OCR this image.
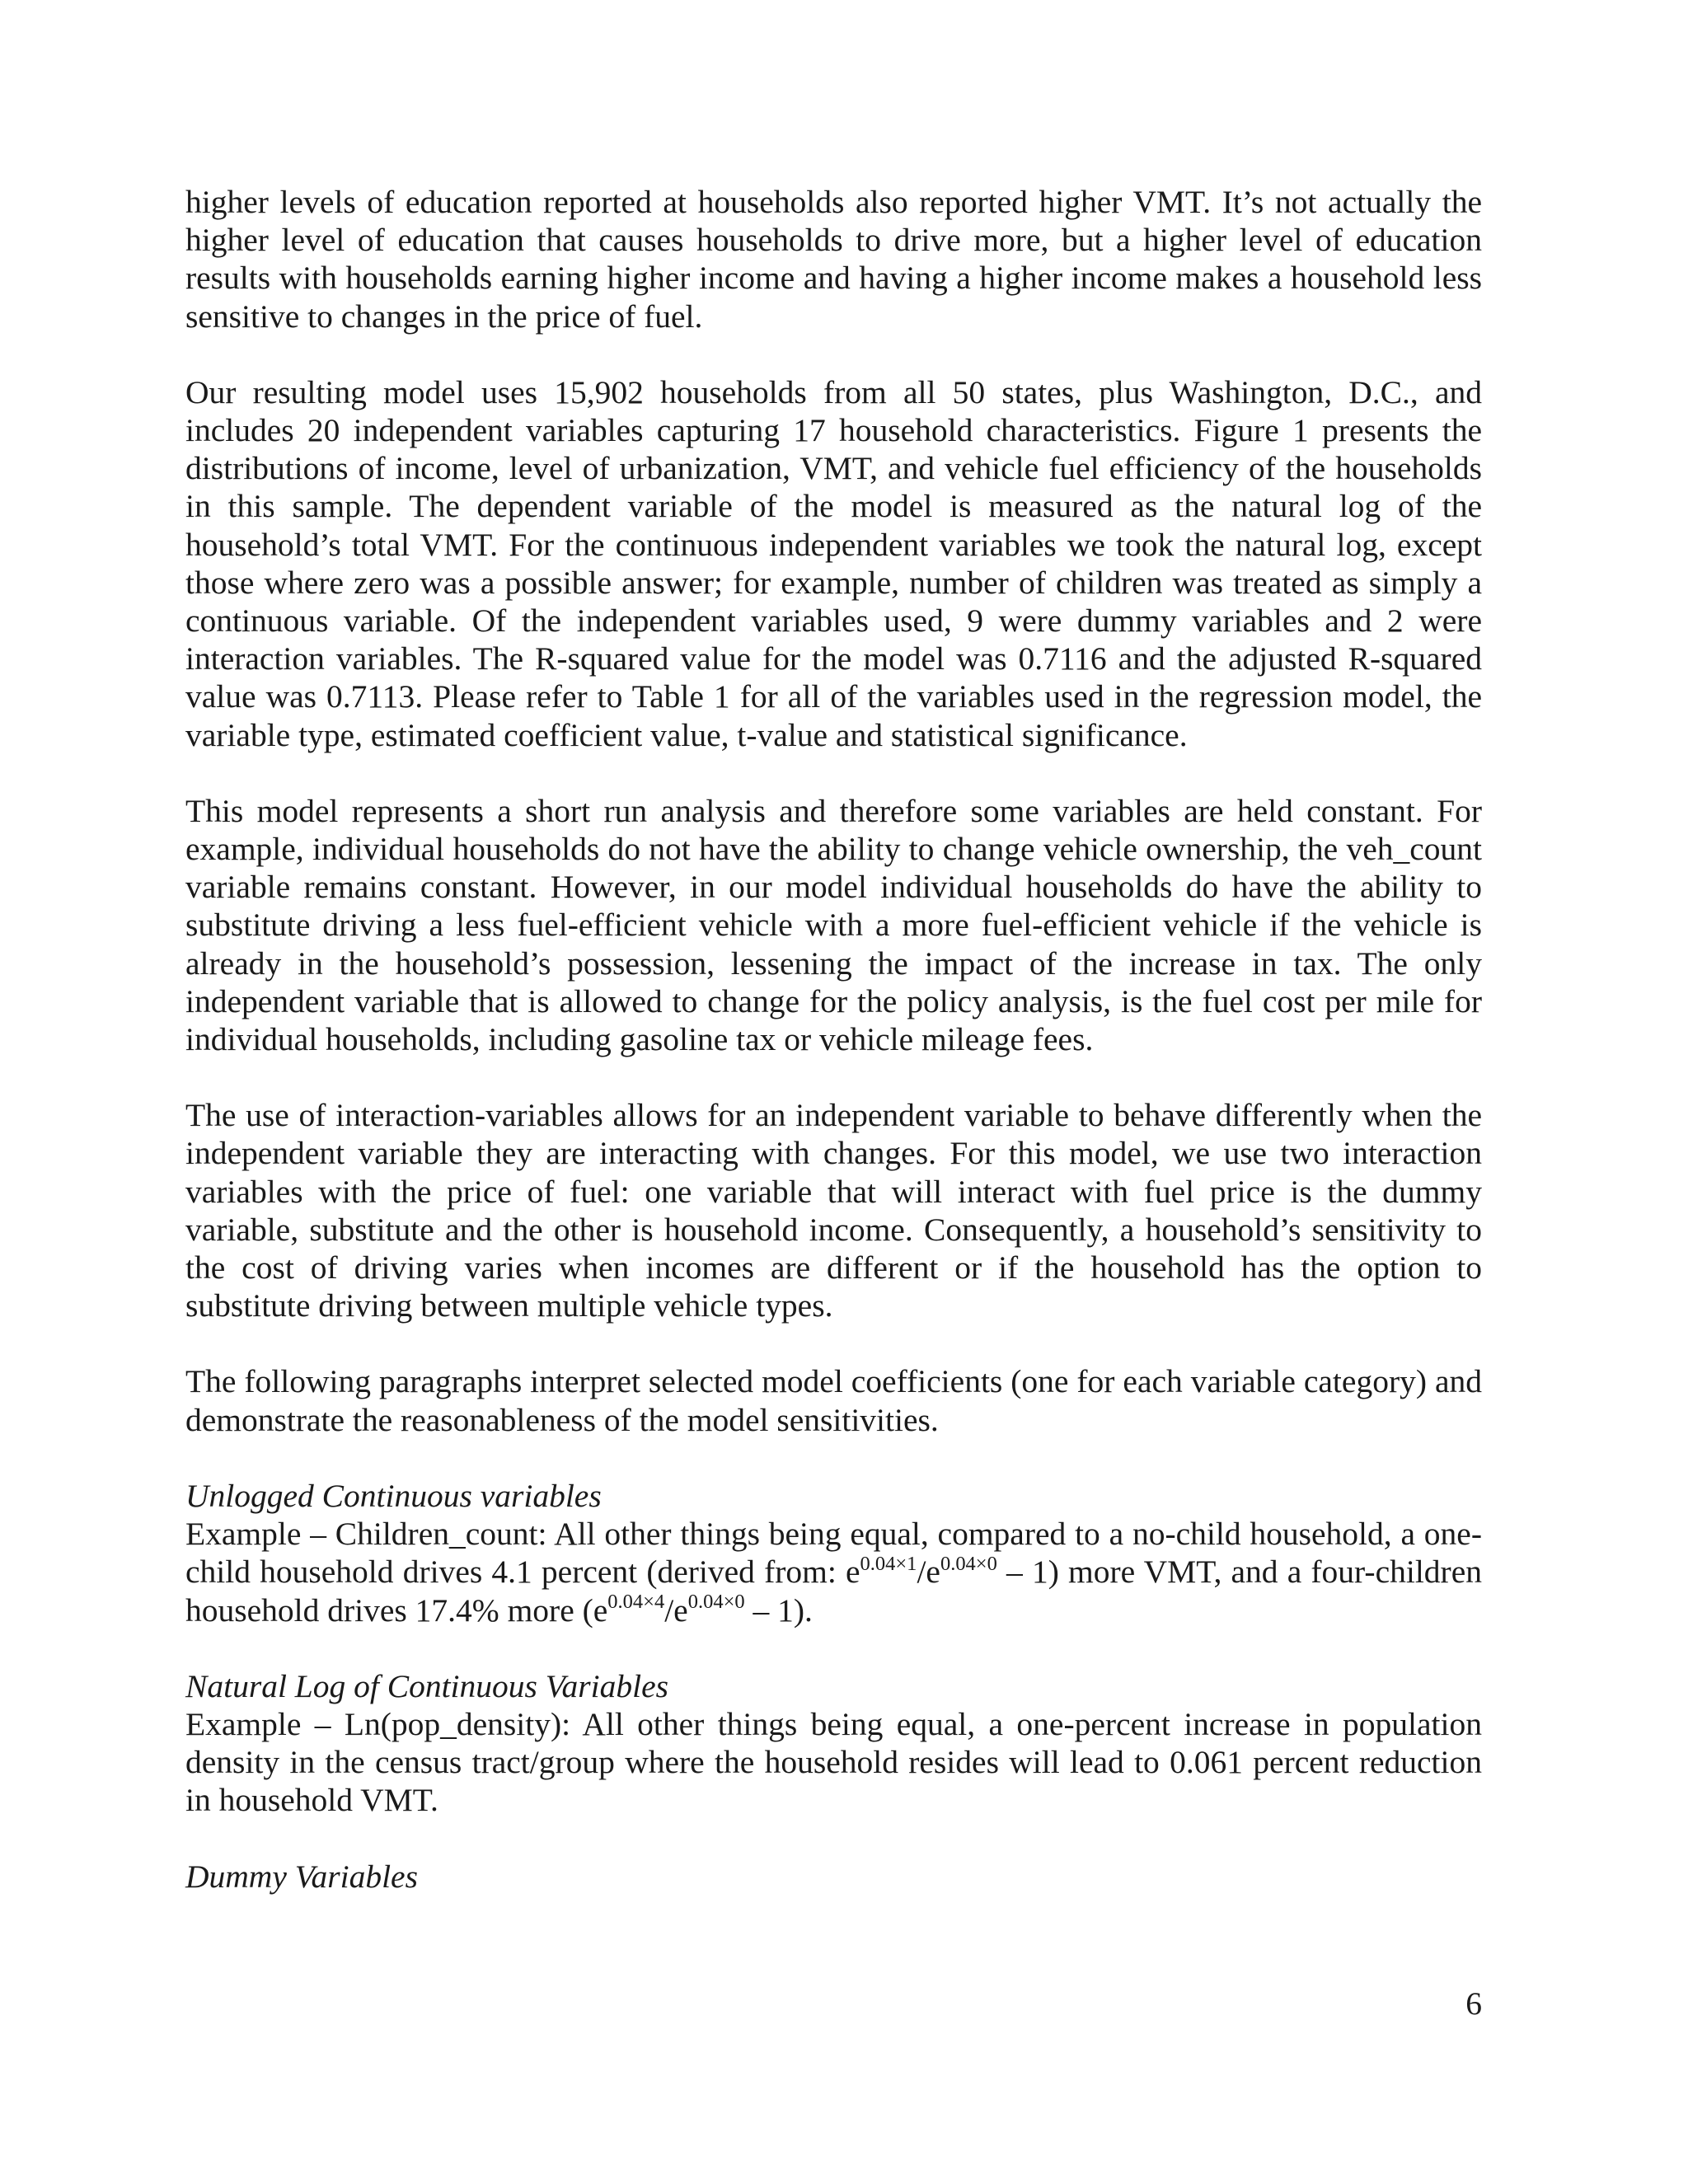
higher levels of education reported at households also reported higher VMT. It’s not actually the higher level of education that causes households to drive more, but a higher level of education results with households earning higher income and having a higher income makes a household less sensitive to changes in the price of fuel.

Our resulting model uses 15,902 households from all 50 states, plus Washington, D.C., and includes 20 independent variables capturing 17 household characteristics. Figure 1 presents the distributions of income, level of urbanization, VMT, and vehicle fuel efficiency of the households in this sample. The dependent variable of the model is measured as the natural log of the household’s total VMT. For the continuous independent variables we took the natural log, except those where zero was a possible answer; for example, number of children was treated as simply a continuous variable. Of the independent variables used, 9 were dummy variables and 2 were interaction variables. The R-squared value for the model was 0.7116 and the adjusted R-squared value was 0.7113. Please refer to Table 1 for all of the variables used in the regression model, the variable type, estimated coefficient value, t-value and statistical significance.

This model represents a short run analysis and therefore some variables are held constant. For example, individual households do not have the ability to change vehicle ownership, the veh_count variable remains constant. However, in our model individual households do have the ability to substitute driving a less fuel-efficient vehicle with a more fuel-efficient vehicle if the vehicle is already in the household’s possession, lessening the impact of the increase in tax. The only independent variable that is allowed to change for the policy analysis, is the fuel cost per mile for individual households, including gasoline tax or vehicle mileage fees.

The use of interaction-variables allows for an independent variable to behave differently when the independent variable they are interacting with changes. For this model, we use two interaction variables with the price of fuel: one variable that will interact with fuel price is the dummy variable, substitute and the other is household income. Consequently, a household’s sensitivity to the cost of driving varies when incomes are different or if the household has the option to substitute driving between multiple vehicle types.

The following paragraphs interpret selected model coefficients (one for each variable category) and demonstrate the reasonableness of the model sensitivities.

Unlogged Continuous variables

Example – Children_count: All other things being equal, compared to a no-child household, a one-child household drives 4.1 percent (derived from: $e^{0.04\times 1}/e^{0.04\times 0} - 1$) more VMT, and a four-children household drives 17.4% more $(e^{0.04\times 4}/e^{0.04\times 0} - 1)$.

Natural Log of Continuous Variables

Example – Ln(pop_density): All other things being equal, a one-percent increase in population density in the census tract/group where the household resides will lead to 0.061 percent reduction in household VMT.

Dummy Variables
6
